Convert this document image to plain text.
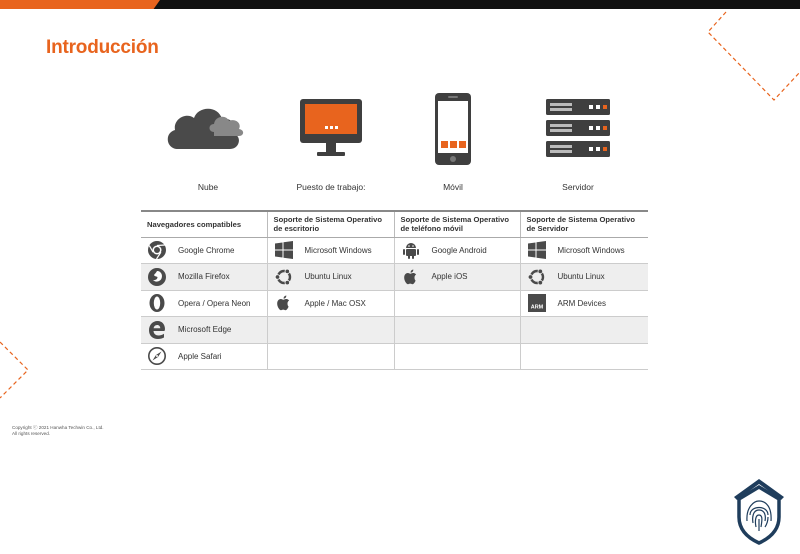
Introducción
Nube	Puesto de trabajo:	Móvil	Servidor
Navegadores compatibles	Soporte de Sistema Operativo de escritorio	Soporte de Sistema Operativo de teléfono móvil	Soporte de Sistema Operativo de Servidor

Google Chrome	Microsoft Windows	Google Android	Microsoft Windows

Mozilla Firefox	Ubuntu Linux	Apple iOS	Ubuntu Linux

Opera / Opera Neon	Apple / Mac OSX		ARM ARM Devices

Microsoft Edge			

Apple Safari			

Copyright ⓒ 2021 Hanwha Techwin Co., Ltd.
All rights reserved.
